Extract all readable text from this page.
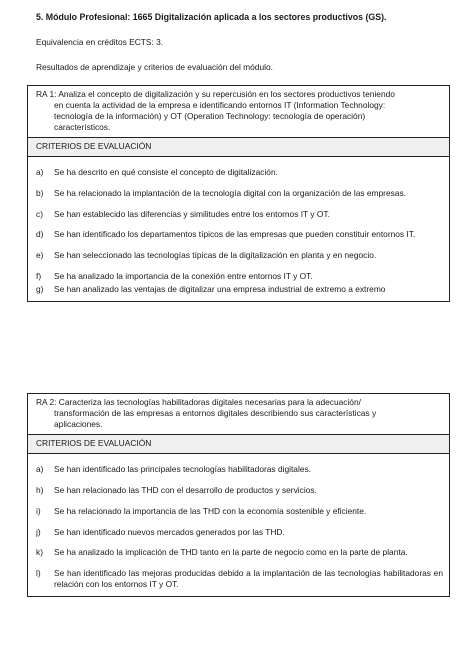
5. Módulo Profesional: 1665 Digitalización aplicada a los sectores productivos (GS).
Equivalencia en créditos ECTS: 3.
Resultados de aprendizaje y criterios de evaluación del módulo.
RA 1: Analiza el concepto de digitalización y su repercusión en los sectores productivos teniendo
en cuenta la actividad de la empresa e identificando entornos IT (Information Technology:
tecnología de la información) y OT (Operation Technology: tecnología de operación)
característicos.
CRITERIOS DE EVALUACIÓN
a)	Se ha descrito en qué consiste el concepto de digitalización.
b)	Se ha relacionado la implantación de la tecnología digital con la organización de las empresas.
c)	Se han establecido las diferencias y similitudes entre los entornos IT y OT.
d)	Se han identificado los departamentos típicos de las empresas que pueden constituir entornos IT.
e)	Se han seleccionado las tecnologías típicas de la digitalización en planta y en negocio.
f)	Se ha analizado la importancia de la conexión entre entornos IT y OT.
g)	Se han analizado las ventajas de digitalizar una empresa industrial de extremo a extremo
RA 2: Caracteriza las tecnologías habilitadoras digitales necesarias para la adecuación/
transformación de las empresas a entornos digitales describiendo sus características y
aplicaciones.
CRITERIOS DE EVALUACIÓN
a)	Se han identificado las principales tecnologías habilitadoras digitales.
h)	Se han relacionado las THD con el desarrollo de productos y servicios.
i)	Se ha relacionado la importancia de las THD con la economía sostenible y eficiente.
j)	Se han identificado nuevos mercados generados por las THD.
k)	Se ha analizado la implicación de THD tanto en la parte de negocio como en la parte de planta.
l)	Se han identificado las mejoras producidas debido a la implantación de las tecnologías habilitadoras en relación con los entornos IT y OT.
